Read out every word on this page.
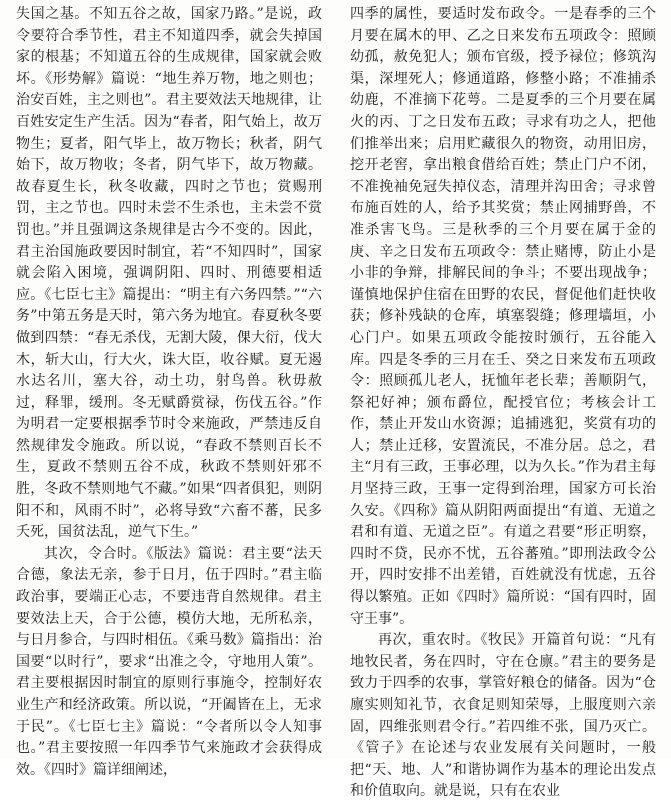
失国之基。不知五谷之故，国家乃路。”是说，政令要符合季节性，君主不知道四季，就会失掉国家的根基；不知道五谷的生成规律，国家就会败坏。《形势解》篇说：“地生养万物，地之则也；治安百姓，主之则也”。君主要效法天地规律，让百姓安定生产生活。因为“春者，阳气始上，故万物生；夏者，阳气毕上，故万物长；秋者，阴气始下，故万物收；冬者，阴气毕下，故万物藏。故春夏生长，秋冬收藏，四时之节也；赏赐刑罚，主之节也。四时未尝不生杀也，主未尝不赏罚也。”并且强调这条规律是古今不变的。因此，君主治国施政要因时制宜，若“不知四时”，国家就会陷入困境，强调阴阳、四时、刑德要相适应。《七臣七主》篇提出：“明主有六务四禁。”“六务”中第五务是天时，第六务为地宜。春夏秋冬要做到四禁：“春无杀伐，无割大陵，倮大衍，伐大木，斩大山，行大火，诛大臣，收谷赋。夏无遏水达名川，塞大谷，动土功，射鸟兽。秋毋赦过，释罪，缓刑。冬无赋爵赏禄，伤伐五谷。”作为明君一定要根据季节时令来施政，严禁违反自然规律发令施政。所以说，“春政不禁则百长不生，夏政不禁则五谷不成，秋政不禁则奸邪不胜，冬政不禁则地气不藏。”如果“四者俱犯，则阴阳不和，风雨不时”，必将导致“六畜不蕃，民多夭死，国贫法乱，逆气下生。”

其次，令合时。《版法》篇说：君主要“法天合德，象法无亲，参于日月，伍于四时。”君主临政治事，要端正心志，不要违背自然规律。君主要效法上天，合于公德，模仿大地，无所私亲，与日月参合，与四时相伍。《乘马数》篇指出：治国要“以时行”，要求“出准之令，守地用人策”。君主要根据因时制宜的原则行事施令，控制好农业生产和经济政策。所以说，“开阖皆在上，无求于民”。《七臣七主》篇说：“令者所以令人知事也。”君主要按照一年四季节气来施政才会获得成效。《四时》篇详细阐述，

四季的属性，要适时发布政令。一是春季的三个月要在属木的甲、乙之日来发布五项政令：照顾幼孤，赦免犯人；颁布官级，授予禄位；修筑沟渠，深埋死人；修通道路，修整小路；不准捕杀幼鹿，不准摘下花萼。二是夏季的三个月要在属火的丙、丁之日发布五政；寻求有功之人，把他们推举出来；启用贮藏很久的物资，动用旧房，挖开老窖，拿出粮食借给百姓；禁止门户不闭，不准挽袖免冠失掉仪态，清理并沟田舍；寻求曾布施百姓的人，给予其奖赏；禁止网捕野兽，不准杀害飞鸟。三是秋季的三个月要在属于金的庚、辛之日发布五项政令：禁止赌博，防止小是小非的争辩，排解民间的争斗；不要出现战争；谨慎地保护住宿在田野的农民，督促他们赶快收获；修补残缺的仓库，填塞裂缝；修理墙垣，小心门户。如果五项政令能按时颁行，五谷能入库。四是冬季的三月在壬、癸之日来发布五项政令：照顾孤儿老人，抚恤年老长辈；善顺阴气，祭祀好神；颁布爵位，配授官位；考核会计工作，禁止开发山水资源；追捕逃犯，奖赏有功的人；禁止迁移，安置流民，不准分居。总之，君主“月有三政，王事必理，以为久长。”作为君主每月坚持三政，王事一定得到治理，国家方可长治久安。《四称》篇从阴阳两面提出“有道、无道之君和有道、无道之臣”。有道之君要“形正明察，四时不贷，民亦不忧，五谷蕃殖。”即刑法政令公开，四时安排不出差错，百姓就没有忧虑，五谷得以繁殖。正如《四时》篇所说：“国有四时，固守王事”。

再次，重农时。《牧民》开篇首句说：“凡有地牧民者，务在四时，守在仓廪。”君主的要务是致力于四季的农事，掌管好粮仓的储备。因为“仓廪实则知礼节，衣食足则知荣辱，上服度则六亲固，四维张则君令行。”若四维不张，国乃灭亡。《管子》在论述与农业发展有关问题时，一般把“天、地、人”和谐协调作为基本的理论出发点和价值取向。就是说，只有在农业
